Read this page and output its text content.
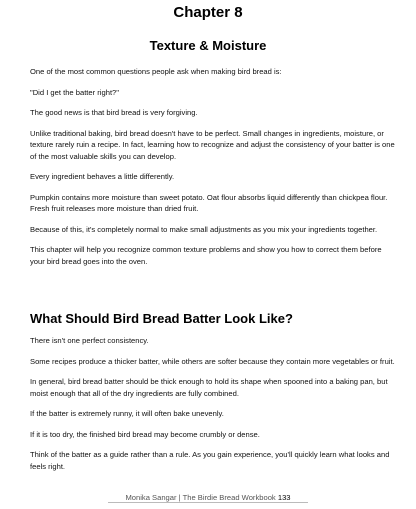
Chapter 8
Texture & Moisture

One of the most common questions people ask when making bird bread is:

"Did I get the batter right?"

The good news is that bird bread is very forgiving.

Unlike traditional baking, bird bread doesn't have to be perfect. Small changes in ingredients, moisture, or texture rarely ruin a recipe. In fact, learning how to recognize and adjust the consistency of your batter is one of the most valuable skills you can develop.

Every ingredient behaves a little differently.

Pumpkin contains more moisture than sweet potato. Oat flour absorbs liquid differently than chickpea flour. Fresh fruit releases more moisture than dried fruit.

Because of this, it's completely normal to make small adjustments as you mix your ingredients together.

This chapter will help you recognize common texture problems and show you how to correct them before your bird bread goes into the oven.

What Should Bird Bread Batter Look Like?

There isn't one perfect consistency.

Some recipes produce a thicker batter, while others are softer because they contain more vegetables or fruit.

In general, bird bread batter should be thick enough to hold its shape when spooned into a baking pan, but moist enough that all of the dry ingredients are fully combined.

If the batter is extremely runny, it will often bake unevenly.

If it is too dry, the finished bird bread may become crumbly or dense.

Think of the batter as a guide rather than a rule. As you gain experience, you'll quickly learn what looks and feels right.

Monika Sangar | The Birdie Bread Workbook 133
